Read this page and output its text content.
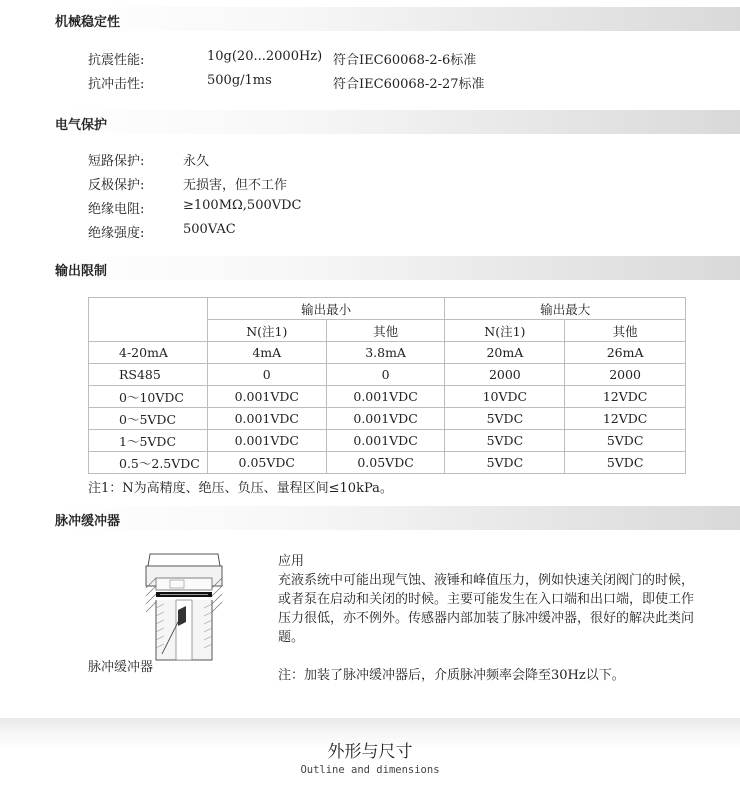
机械稳定性
抗震性能:	10g(20...2000Hz) 符合IEC60068-2-6标准
抗冲击性:	500g/1ms	符合IEC60068-2-27标准
电气保护
短路保护:	永久
反极保护:	无损害，但不工作
绝缘电阻:	≥100MΩ,500VDC
绝缘强度:	500VAC
输出限制
	输出最小		输出最大	
	N(注1)	其他	N(注1)	其他
4-20mA	4mA	3.8mA	20mA	26mA
RS485	0	0	2000	2000
0～10VDC	0.001VDC	0.001VDC	10VDC	12VDC
0～5VDC	0.001VDC	0.001VDC	5VDC	12VDC
1～5VDC	0.001VDC	0.001VDC	5VDC	5VDC
0.5～2.5VDC	0.05VDC	0.05VDC	5VDC	5VDC
注1：N为高精度、绝压、负压、量程区间≤10kPa。
脉冲缓冲器
脉冲缓冲器

应用

充液系统中可能出现气蚀、液锤和峰值压力，例如快速关闭阀门的时候，或者泵在启动和关闭的时候。主要可能发生在入口端和出口端，即使工作压力很低，亦不例外。传感器内部加装了脉冲缓冲器，很好的解决此类问题。

注：加装了脉冲缓冲器后，介质脉冲频率会降至30Hz以下。

外形与尺寸
Outline and dimensions
